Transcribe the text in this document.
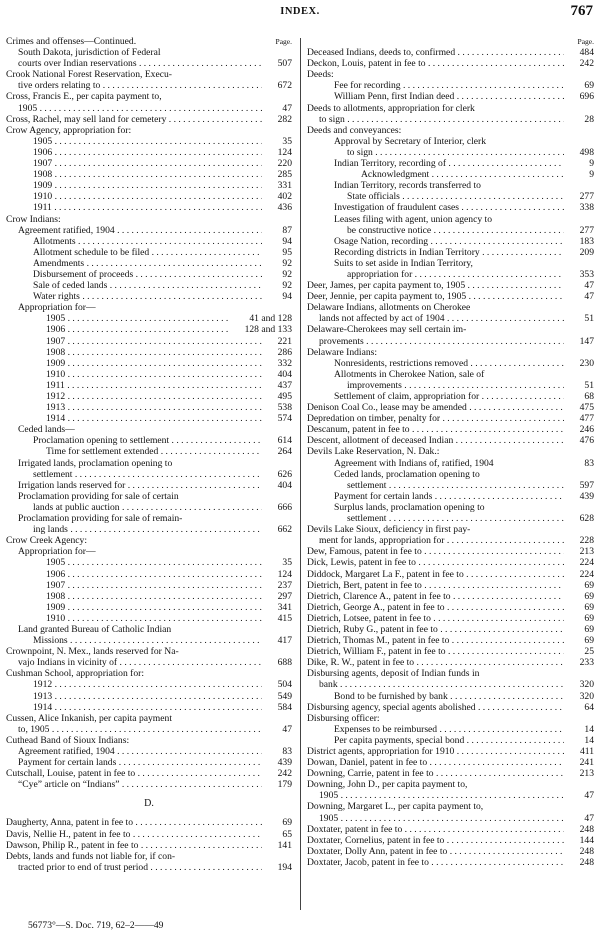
INDEX.	767
Crimes and offenses—Continued.	Page.
South Dakota, jurisdiction of Federal
courts over Indian reservations . . .	507
Crook National Forest Reservation, Execu-
tive orders relating to . . .	672
Cross, Francis E., per capita payment to,
1905 . . .	47
Cross, Rachel, may sell land for cemetery . . .	282
Crow Agency, appropriation for:
1905 . . .	35
1906 . . .	124
1907 . . .	220
1908 . . .	285
1909 . . .	331
1910 . . .	402
1911 . . .	436
Crow Indians:
Agreement ratified, 1904 . . .	87
Allotments . . .	94
Allotment schedule to be filed . . .	95
Amendments . . .	92
Disbursement of proceeds . . .	92
Sale of ceded lands . . .	92
Water rights . . .	94
Appropriation for—
1905 . . .	41 and 128
1906 . . .	128 and 133
1907 . . .	221
1908 . . .	286
1909 . . .	332
1910 . . .	404
1911 . . .	437
1912 . . .	495
1913 . . .	538
1914 . . .	574
Ceded lands—
Proclamation opening to settlement . . .	614
Time for settlement extended . . .	264
Irrigated lands, proclamation opening to
settlement . . .	626
Irrigation lands reserved for . . .	404
Proclamation providing for sale of certain
lands at public auction . . .	666
Proclamation providing for sale of remain-
ing lands . . .	662
Crow Creek Agency:
Appropriation for—
1905 . . .	35
1906 . . .	124
1907 . . .	237
1908 . . .	297
1909 . . .	341
1910 . . .	415
Land granted Bureau of Catholic Indian
Missions . . .	417
Crownpoint, N. Mex., lands reserved for Na-
vajo Indians in vicinity of . . .	688
Cushman School, appropriation for:
1912 . . .	504
1913 . . .	549
1914 . . .	584
Cussen, Alice Inkanish, per capita payment
to, 1905 . . .	47
Cuthead Band of Sioux Indians:
Agreement ratified, 1904 . . .	83
Payment for certain lands . . .	439
Cutschall, Louise, patent in fee to . . .	242
“Cye” article on “Indians” . . .	179
D.
Daugherty, Anna, patent in fee to . . .	69
Davis, Nellie H., patent in fee to . . .	65
Dawson, Philip R., patent in fee to . . .	141
Debts, lands and funds not liable for, if con-
tracted prior to end of trust period . . .	194
Page.
Deceased Indians, deeds to, confirmed . . .	484
Deckon, Louis, patent in fee to . . .	242
Deeds:
Fee for recording . . .	69
William Penn, first Indian deed . . .	696
Deeds to allotments, appropriation for clerk
to sign . . .	28
Deeds and conveyances:
Approval by Secretary of Interior, clerk
to sign . . .	498
Indian Territory, recording of . . .	9
Acknowledgment . . .	9
Indian Territory, records transferred to
State officials . . .	277
Investigation of fraudulent cases . . .	338
Leases filing with agent, union agency to
be constructive notice . . .	277
Osage Nation, recording . . .	183
Recording districts in Indian Territory . . .	209
Suits to set aside in Indian Territory,
appropriation for . . .	353
Deer, James, per capita payment to, 1905 . . .	47
Deer, Jennie, per capita payment to, 1905 . . .	47
Delaware Indians, allotments on Cherokee
lands not affected by act of 1904 . . .	51
Delaware-Cherokees may sell certain im-
provements . . .	147
Delaware Indians:
Nonresidents, restrictions removed . . .	230
Allotments in Cherokee Nation, sale of
improvements . . .	51
Settlement of claim, appropriation for . . .	68
Denison Coal Co., lease may be amended . . .	475
Depredation on timber, penalty for . . .	477
Descanum, patent in fee to . . .	246
Descent, allotment of deceased Indian . . .	476
Devils Lake Reservation, N. Dak.:
Agreement with Indians of, ratified, 1904	83
Ceded lands, proclamation opening to
settlement . . .	597
Payment for certain lands . . .	439
Surplus lands, proclamation opening to
settlement . . .	628
Devils Lake Sioux, deficiency in first pay-
ment for lands, appropriation for . . .	228
Dew, Famous, patent in fee to . . .	213
Dick, Lewis, patent in fee to . . .	224
Diddock, Margaret La F., patent in fee to . . .	224
Dietrich, Bert, patent in fee to . . .	69
Dietrich, Clarence A., patent in fee to . . .	69
Dietrich, George A., patent in fee to . . .	69
Dietrich, Lotsee, patent in fee to . . .	69
Dietrich, Ruby G., patent in fee to . . .	69
Dietrich, Thomas M., patent in fee to . . .	69
Dietrich, William F., patent in fee to . . .	25
Dike, R. W., patent in fee to . . .	233
Disbursing agents, deposit of Indian funds in
bank . . .	320
Bond to be furnished by bank . . .	320
Disbursing agency, special agents abolished . . .	64
Disbursing officer:
Expenses to be reimbursed . . .	14
Per capita payments, special bond . . .	14
District agents, appropriation for 1910 . . .	411
Dowan, Daniel, patent in fee to . . .	241
Downing, Carrie, patent in fee to . . .	213
Downing, John D., per capita payment to,
1905 . . .	47
Downing, Margaret L., per capita payment to,
1905 . . .	47
Doxtater, patent in fee to . . .	248
Doxtater, Cornelius, patent in fee to . . .	144
Doxtater, Dolly Ann, patent in fee to . . .	248
Doxtater, Jacob, patent in fee to . . .	248
56773°—S. Doc. 719, 62–2——49
